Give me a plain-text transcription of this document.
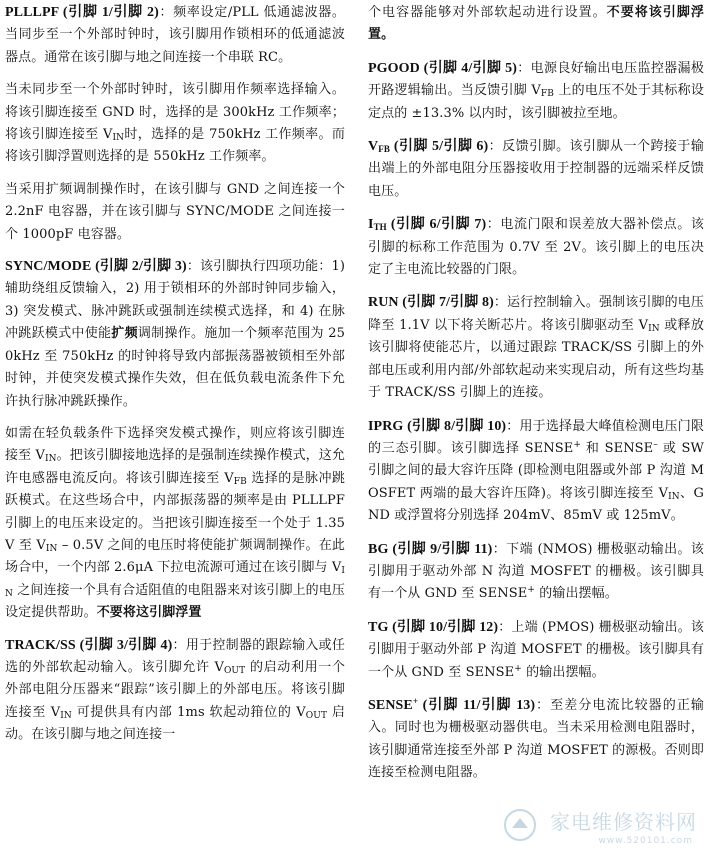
PLLLPF (引脚 1/引脚 2)：频率设定/PLL 低通滤波器。当同步至一个外部时钟时，该引脚用作锁相环的低通滤波器点。通常在该引脚与地之间连接一个串联 RC。

当未同步至一个外部时钟时，该引脚用作频率选择输入。将该引脚连接至 GND 时，选择的是 300kHz 工作频率；将该引脚连接至 $V_{IN}$时，选择的是 750kHz 工作频率。而将该引脚浮置则选择的是 550kHz 工作频率。

当采用扩频调制操作时，在该引脚与 GND 之间连接一个 2.2nF 电容器，并在该引脚与 SYNC/MODE 之间连接一个 1000pF 电容器。

SYNC/MODE (引脚 2/引脚 3)：该引脚执行四项功能：1) 辅助绕组反馈输入，2) 用于锁相环的外部时钟同步输入，3) 突发模式、脉冲跳跃或强制连续模式选择，和 4) 在脉冲跳跃模式中使能扩频调制操作。施加一个频率范围为 250kHz 至 750kHz 的时钟将导致内部振荡器被锁相至外部时钟，并使突发模式操作失效，但在低负载电流条件下允许执行脉冲跳跃操作。

如需在轻负载条件下选择突发模式操作，则应将该引脚连接至 $V_{IN}$。把该引脚接地选择的是强制连续操作模式，这允许电感器电流反向。将该引脚连接至 $V_{FB}$ 选择的是脉冲跳跃模式。在这些场合中，内部振荡器的频率是由 PLLLPF 引脚上的电压来设定的。当把该引脚连接至一个处于 1.35V 至 $V_{IN} - 0.5V$ 之间的电压时将使能扩频调制操作。在此场合中，一个内部 2.6μA 下拉电流源可通过在该引脚与 $V_{IN}$ 之间连接一个具有合适阻值的电阻器来对该引脚上的电压设定提供帮助。不要将这引脚浮置

TRACK/SS (引脚 3/引脚 4)：用于控制器的跟踪输入或任选的外部软起动输入。该引脚允许 $V_{OUT}$ 的启动利用一个外部电阻分压器来“跟踪”该引脚上的外部电压。将该引脚连接至 $V_{IN}$ 可提供具有内部 1ms 软起动箝位的 $V_{OUT}$ 启动。在该引脚与地之间连接一

个电容器能够对外部软起动进行设置。不要将该引脚浮置。

PGOOD (引脚 4/引脚 5)：电源良好输出电压监控器漏极开路逻辑输出。当反馈引脚 $V_{FB}$ 上的电压不处于其标称设定点的 ±13.3% 以内时，该引脚被拉至地。

$V_{FB}$ (引脚 5/引脚 6)：反馈引脚。该引脚从一个跨接于输出端上的外部电阻分压器接收用于控制器的远端采样反馈电压。

$I_{TH}$ (引脚 6/引脚 7)：电流门限和误差放大器补偿点。该引脚的标称工作范围为 0.7V 至 2V。该引脚上的电压决定了主电流比较器的门限。

RUN (引脚 7/引脚 8)：运行控制输入。强制该引脚的电压降至 1.1V 以下将关断芯片。将该引脚驱动至 $V_{IN}$ 或释放该引脚将使能芯片，以通过跟踪 TRACK/SS 引脚上的外部电压或利用内部/外部软起动来实现启动，所有这些均基于 TRACK/SS 引脚上的连接。

IPRG (引脚 8/引脚 10)：用于选择最大峰值检测电压门限的三态引脚。该引脚选择 SENSE+ 和 SENSE– 或 SW 引脚之间的最大容许压降 (即检测电阻器或外部 P 沟道 MOSFET 两端的最大容许压降)。将该引脚连接至 $V_{IN}$、GND 或浮置将分别选择 204mV、85mV 或 125mV。

BG (引脚 9/引脚 11)：下端 (NMOS) 栅极驱动输出。该引脚用于驱动外部 N 沟道 MOSFET 的栅极。该引脚具有一个从 GND 至 SENSE+ 的输出摆幅。

TG (引脚 10/引脚 12)：上端 (PMOS) 栅极驱动输出。该引脚用于驱动外部 P 沟道 MOSFET 的栅极。该引脚具有一个从 GND 至 SENSE+ 的输出摆幅。

SENSE+ (引脚 11/引脚 13)：至差分电流比较器的正输入。同时也为栅极驱动器供电。当未采用检测电阻器时，该引脚通常连接至外部 P 沟道 MOSFET 的源极。否则即连接至检测电阻器。

家电维修资料网
www.520101.com
